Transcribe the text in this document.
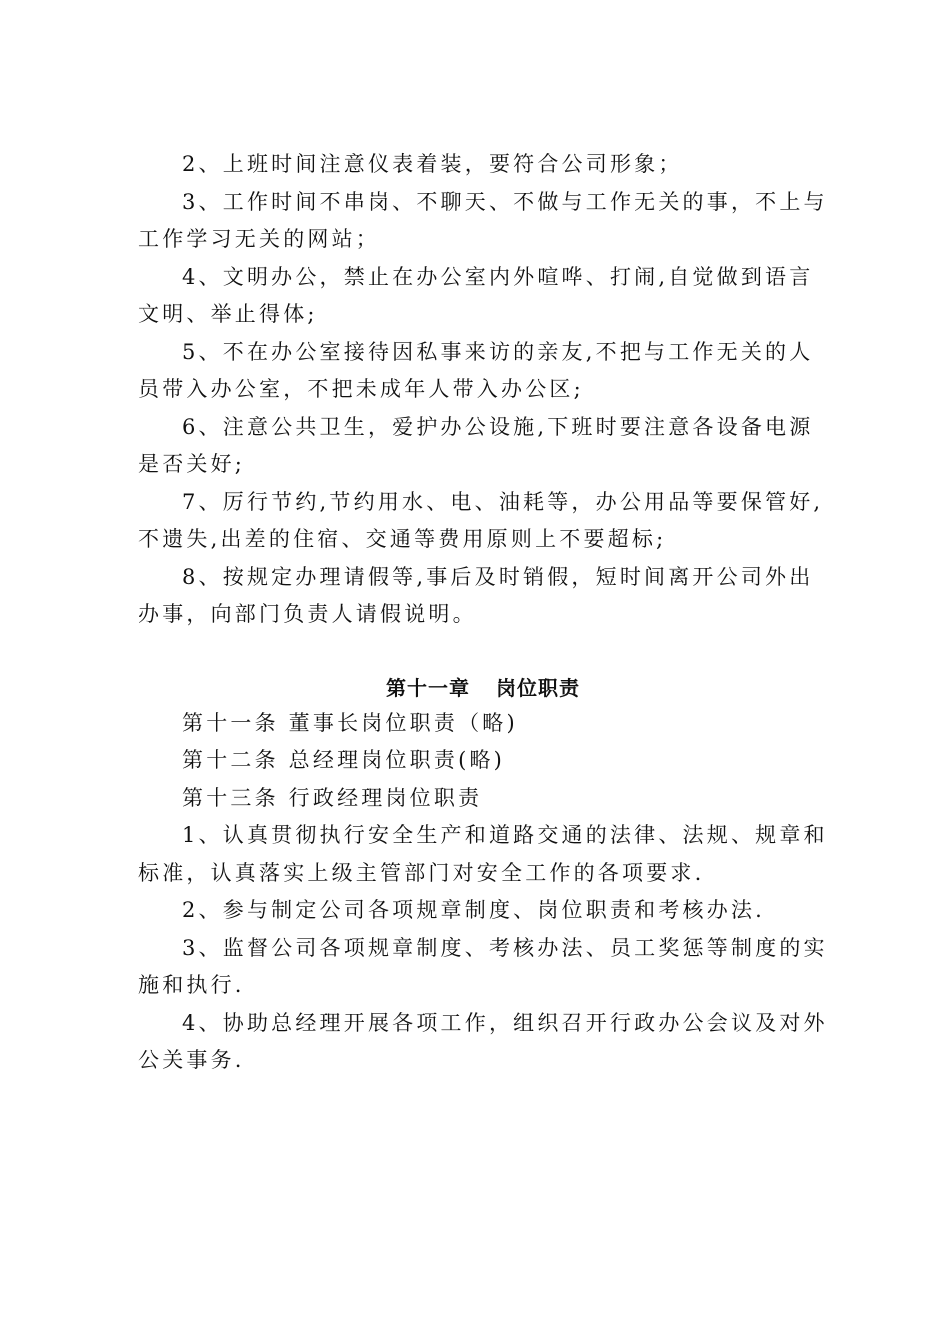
2、上班时间注意仪表着装，要符合公司形象；

3、工作时间不串岗、不聊天、不做与工作无关的事，不上与工作学习无关的网站；

4、文明办公，禁止在办公室内外喧哗、打闹,自觉做到语言文明、举止得体;

5、不在办公室接待因私事来访的亲友,不把与工作无关的人员带入办公室，不把未成年人带入办公区;

6、注意公共卫生，爱护办公设施,下班时要注意各设备电源是否关好;

7、厉行节约,节约用水、电、油耗等，办公用品等要保管好,不遗失,出差的住宿、交通等费用原则上不要超标;

8、按规定办理请假等,事后及时销假，短时间离开公司外出办事，向部门负责人请假说明。

第十一章 岗位职责

第十一条 董事长岗位职责（略)

第十二条 总经理岗位职责(略)

第十三条 行政经理岗位职责

1、认真贯彻执行安全生产和道路交通的法律、法规、规章和标准，认真落实上级主管部门对安全工作的各项要求.

2、参与制定公司各项规章制度、岗位职责和考核办法.

3、监督公司各项规章制度、考核办法、员工奖惩等制度的实施和执行.

4、协助总经理开展各项工作，组织召开行政办公会议及对外公关事务.
